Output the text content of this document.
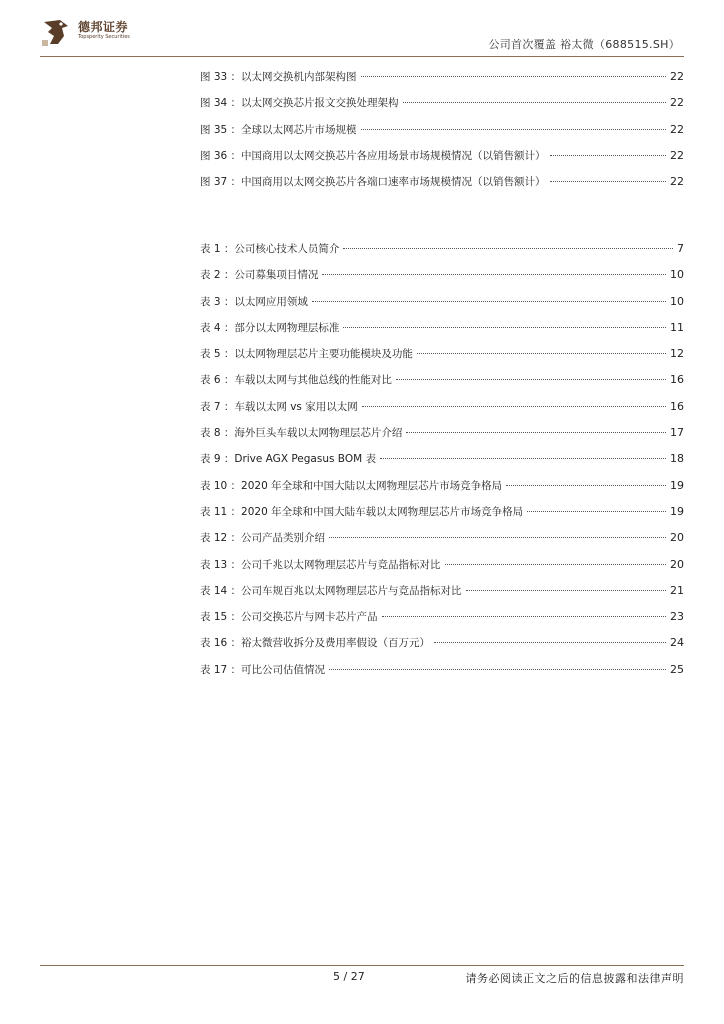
德邦证券
Topsperity Securities
公司首次覆盖 裕太微（688515.SH）
图 33 ：以太网交换机内部架构图	22
图 34 ：以太网交换芯片报文交换处理架构	22
图 35 ：全球以太网芯片市场规模	22
图 36 ：中国商用以太网交换芯片各应用场景市场规模情况（以销售额计）	22
图 37 ：中国商用以太网交换芯片各端口速率市场规模情况（以销售额计）	22
表 1 ：公司核心技术人员简介	7
表 2 ：公司募集项目情况	10
表 3 ：以太网应用领域	10
表 4 ：部分以太网物理层标准	11
表 5 ：以太网物理层芯片主要功能模块及功能	12
表 6 ：车载以太网与其他总线的性能对比	16
表 7 ：车载以太网 vs 家用以太网	16
表 8 ：海外巨头车载以太网物理层芯片介绍	17
表 9 ：Drive AGX Pegasus BOM 表	18
表 10 ：2020 年全球和中国大陆以太网物理层芯片市场竞争格局	19
表 11 ：2020 年全球和中国大陆车载以太网物理层芯片市场竞争格局	19
表 12 ：公司产品类别介绍	20
表 13 ：公司千兆以太网物理层芯片与竞品指标对比	20
表 14 ：公司车规百兆以太网物理层芯片与竞品指标对比	21
表 15 ：公司交换芯片与网卡芯片产品	23
表 16 ：裕太微营收拆分及费用率假设（百万元）	24
表 17 ：可比公司估值情况	25
5 / 27	请务必阅读正文之后的信息披露和法律声明
